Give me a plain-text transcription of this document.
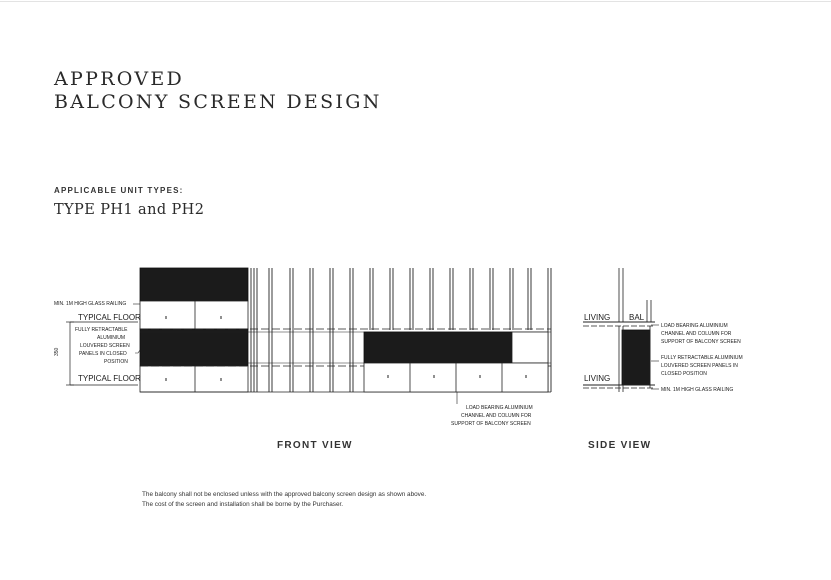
APPROVED
BALCONY SCREEN DESIGN
APPLICABLE UNIT TYPES:
TYPE PH1 and PH2
MIN. 1M HIGH GLASS RAILING
TYPICAL FLOOR
TYPICAL FLOOR
350
FULLY RETRACTABLE
ALUMINIUM
LOUVERED SCREEN
PANELS IN CLOSED
POSITION
LOAD BEARING ALUMINIUM
CHANNEL AND COLUMN FOR
SUPPORT OF BALCONY SCREEN
LIVING BAL
LIVING
LOAD BEARING ALUMINIUM
CHANNEL AND COLUMN FOR
SUPPORT OF BALCONY SCREEN
FULLY RETRACTABLE ALUMINIUM
LOUVERED SCREEN PANELS IN
CLOSED POSITION
MIN. 1M HIGH GLASS RAILING
FRONT VIEW	SIDE VIEW
The balcony shall not be enclosed unless with the approved balcony screen design as shown above.
The cost of the screen and installation shall be borne by the Purchaser.
